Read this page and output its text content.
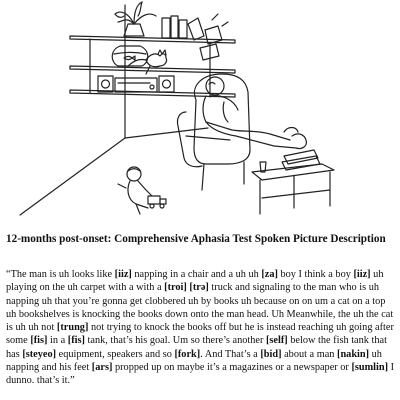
12-months post-onset: Comprehensive Aphasia Test Spoken Picture Description
“The man is uh looks like [iiz] napping in a chair and a uh uh [za] boy I think a boy [iiz] uh playing on the uh carpet with a with a [troi] [trə] truck and signaling to the man who is uh napping uh that you’re gonna get clobbered uh by books uh because on on um a cat on a top uh bookshelves is knocking the books down onto the man head. Uh Meanwhile, the uh the cat is uh uh not [trung] not trying to knock the books off but he is instead reaching uh going after some [fis] in a [fis] tank, that’s his goal. Um so there’s another [self] below the fish tank that has [steyeo] equipment, speakers and so [fork]. And That’s a [bid] about a man [nakin] uh napping and his feet [ars] propped up on maybe it’s a magazines or a newspaper or [sumlin] I dunno. that’s it.”
